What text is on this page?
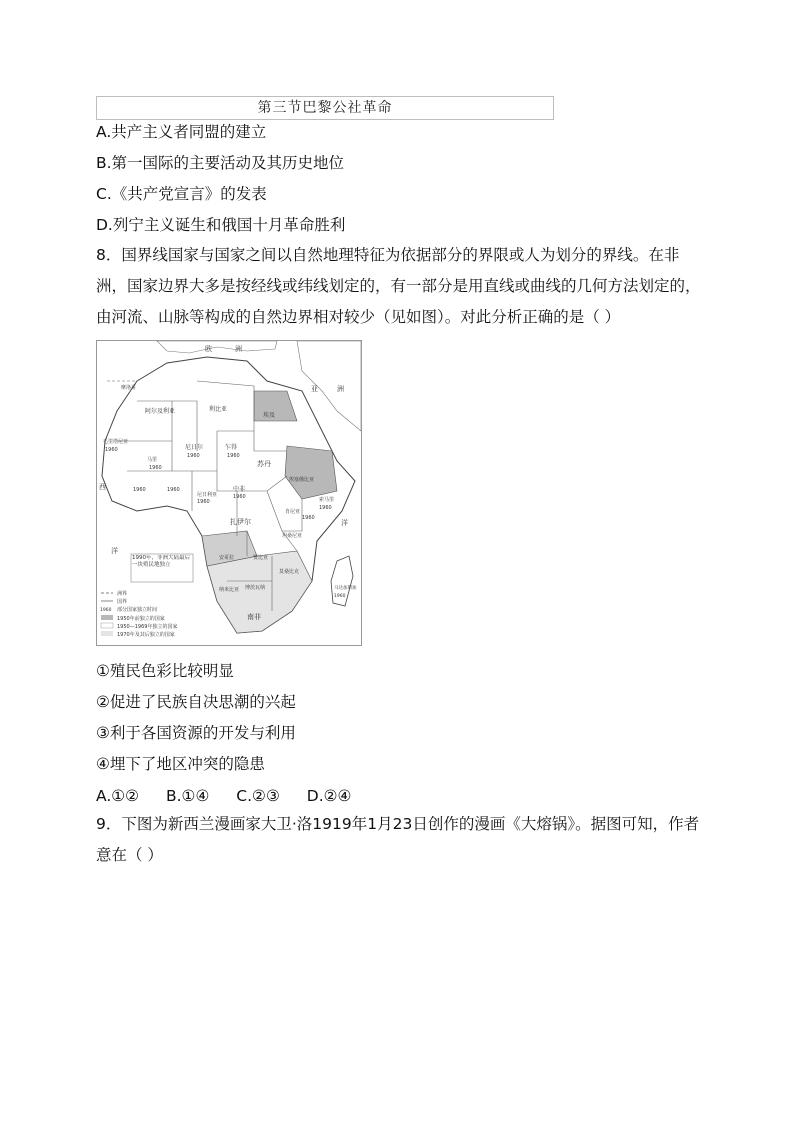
第三节巴黎公社革命
A.共产主义者同盟的建立
B.第一国际的主要活动及其历史地位
C.《共产党宣言》的发表
D.列宁主义诞生和俄国十月革命胜利
8．国界线国家与国家之间以自然地理特征为依据部分的界限或人为划分的界线。在非洲，国家边界大多是按经线或纬线划定的，有一部分是用直线或曲线的几何方法划定的，由河流、山脉等构成的自然边界相对较少（见如图）。对此分析正确的是（ ）
欧	洲
亚	洲
洋
洋
西
阿尔及利亚	利比亚
埃及
苏丹
尼日尔	乍得
马里
毛里塔尼亚
尼日利亚
中非
埃塞俄比亚
扎伊尔
肯尼亚
坦桑尼亚
安哥拉	赞比亚
莫桑比克
纳米比亚 博茨瓦纳
南非
摩洛哥
马达加斯加
索马里
1960
1960
1960	1960
1960
1960
1960	1960
1960
1960
1960
1990年，非洲大陆最后一块殖民地独立
洲界
国界
1960 部分国家独立时间
1950年前独立的国家
1950—1969年独立的国家
1970年及其后独立的国家
①殖民色彩比较明显
②促进了民族自决思潮的兴起
③利于各国资源的开发与利用
④埋下了地区冲突的隐患
A.①② B.①④ C.②③ D.②④
9．下图为新西兰漫画家大卫·洛1919年1月23日创作的漫画《大熔锅》。据图可知，作者意在（ ）
